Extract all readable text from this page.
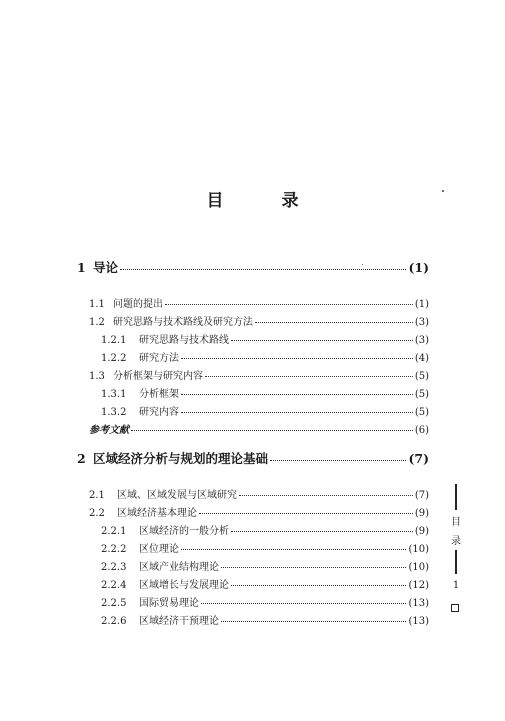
目 录
1 导论	(1)
1.1 问题的提出	(1)
1.2 研究思路与技术路线及研究方法	(3)
1.2.1	研究思路与技术路线	(3)
1.2.2	研究方法	(4)
1.3 分析框架与研究内容	(5)
1.3.1	分析框架	(5)
1.3.2	研究内容	(5)
参考文献	(6)
2 区域经济分析与规划的理论基础	(7)
2.1	区域、区域发展与区域研究	(7)
2.2	区域经济基本理论	(9)
2.2.1	区域经济的一般分析	(9)
2.2.2	区位理论	(10)
2.2.3	区域产业结构理论	(10)
2.2.4	区域增长与发展理论	(12)
2.2.5	国际贸易理论	(13)
2.2.6	区域经济干预理论	(13)
目
录
1
